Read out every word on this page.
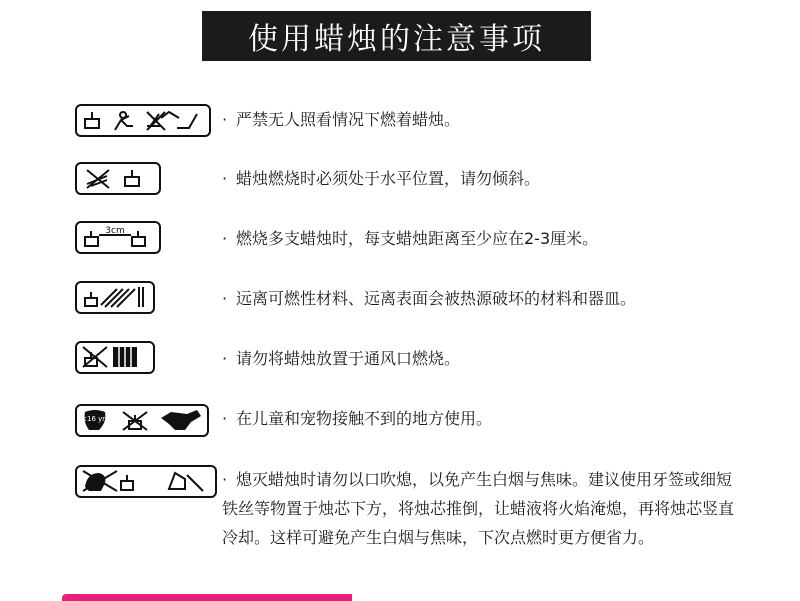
使用蜡烛的注意事项
· 严禁无人照看情况下燃着蜡烛。
· 蜡烛燃烧时必须处于水平位置，请勿倾斜。
3cm	· 燃烧多支蜡烛时，每支蜡烛距离至少应在2-3厘米。
· 远离可燃性材料、远离表面会被热源破坏的材料和器皿。
· 请勿将蜡烛放置于通风口燃烧。
<16 yrs	· 在儿童和宠物接触不到的地方使用。
· 熄灭蜡烛时请勿以口吹熄，以免产生白烟与焦味。建议使用牙签或细短铁丝等物置于烛芯下方，将烛芯推倒，让蜡液将火焰淹熄，再将烛芯竖直冷却。这样可避免产生白烟与焦味，下次点燃时更方便省力。
